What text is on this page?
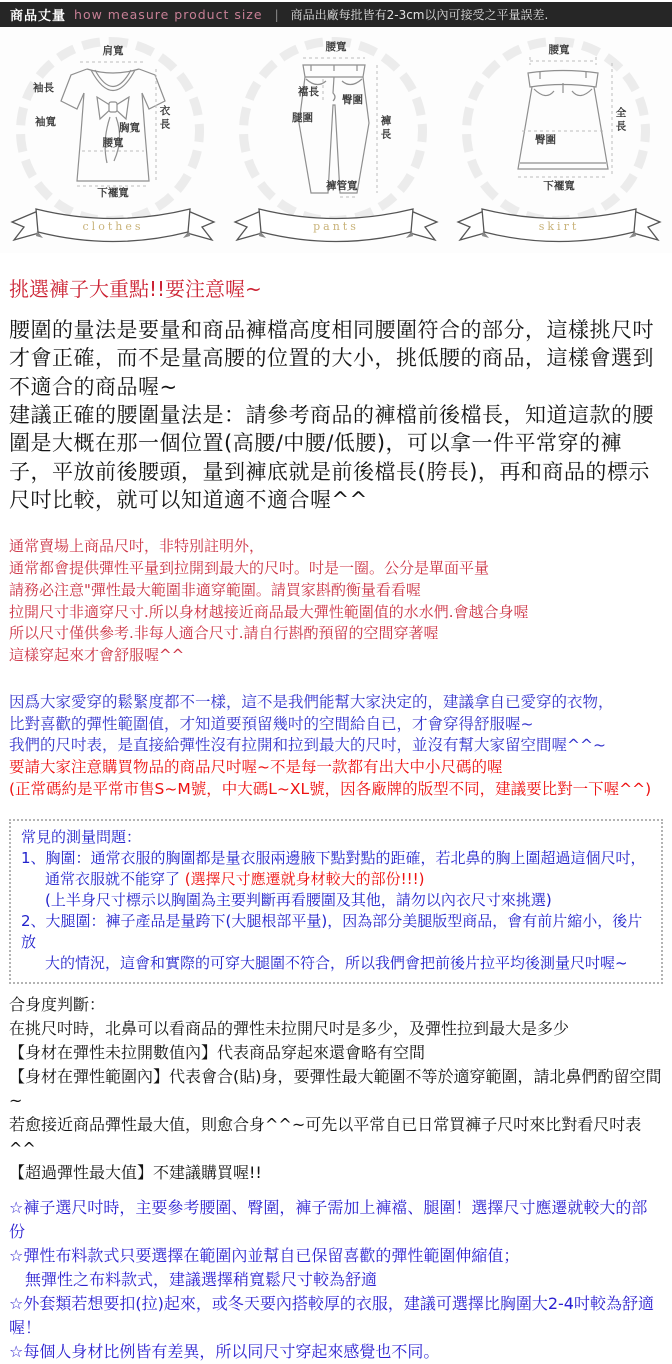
商品丈量 how measure product size | 商品出廠每批皆有2-3cm以內可接受之平量誤差.
肩寬
袖長
袖寬	胸寬 衣長
腰寬
下襬寬
clothes
腰寬
襠長
臀圍
腿圍	褲長
褲管寬
pants
腰寬
臀圍
全長
下襬寬
skirt
挑選褲子大重點!!要注意喔~

腰圍的量法是要量和商品褲檔高度相同腰圍符合的部分，這樣挑尺吋才會正確，而不是量高腰的位置的大小，挑低腰的商品，這樣會選到不適合的商品喔~

建議正確的腰圍量法是：請參考商品的褲檔前後檔長，知道這款的腰圍是大概在那一個位置(高腰/中腰/低腰)，可以拿一件平常穿的褲子，平放前後腰頭，量到褲底就是前後檔長(胯長)，再和商品的標示尺吋比較，就可以知道適不適合喔^^

通常賣場上商品尺吋，非特別註明外，
通常都會提供彈性平量到拉開到最大的尺吋。吋是一圈。公分是單面平量
請務必注意"彈性最大範圍非適穿範圍。請買家斟酌衡量看看喔
拉開尺寸非適穿尺寸.所以身材越接近商品最大彈性範圍值的水水們.會越合身喔
所以尺寸僅供參考.非每人適合尺寸.請自行斟酌預留的空間穿著喔
這樣穿起來才會舒服喔^^
因爲大家愛穿的鬆緊度都不一樣，這不是我們能幫大家決定的，建議拿自已愛穿的衣物，
比對喜歡的彈性範圍值，才知道要預留幾吋的空間給自已，才會穿得舒服喔~
我們的尺吋表，是直接給彈性沒有拉開和拉到最大的尺吋，並沒有幫大家留空間喔^^~
要請大家注意購買物品的商品尺吋喔~不是每一款都有出大中小尺碼的喔
(正常碼約是平常市售S~M號，中大碼L~XL號，因各廠牌的版型不同，建議要比對一下喔^^)
常見的測量問題：
1、胸圍：通常衣服的胸圍都是量衣服兩邊腋下點對點的距確，若北鼻的胸上圍超過這個尺吋，
通常衣服就不能穿了 (選擇尺寸應遷就身材較大的部份!!!)
(上半身尺寸標示以胸圍為主要判斷再看腰圍及其他，請勿以內衣尺寸來挑選)
2、大腿圍：褲子產品是量跨下(大腿根部平量)，因為部分美腿版型商品，會有前片縮小，後片放
大的情況，這會和實際的可穿大腿圍不符合，所以我們會把前後片拉平均後測量尺吋喔~
合身度判斷：
在挑尺吋時，北鼻可以看商品的彈性未拉開尺吋是多少，及彈性拉到最大是多少
【身材在彈性未拉開數值內】代表商品穿起來還會略有空間
【身材在彈性範圍內】代表會合(貼)身，要彈性最大範圍不等於適穿範圍，請北鼻們酌留空間~
若愈接近商品彈性最大值，則愈合身^^~可先以平常自已日常買褲子尺吋來比對看尺吋表^^
【超過彈性最大值】不建議購買喔!!
☆褲子選尺吋時，主要參考腰圍、臀圍，褲子需加上褲襠、腿圍！選擇尺寸應遷就較大的部份
☆彈性布料款式只要選擇在範圍內並幫自已保留喜歡的彈性範圍伸縮值；
　無彈性之布料款式，建議選擇稍寬鬆尺寸較為舒適
☆外套類若想要扣(拉)起來，或冬天要內搭較厚的衣服，建議可選擇比胸圍大2-4吋較為舒適喔！
☆每個人身材比例皆有差異，所以同尺寸穿起來感覺也不同。
